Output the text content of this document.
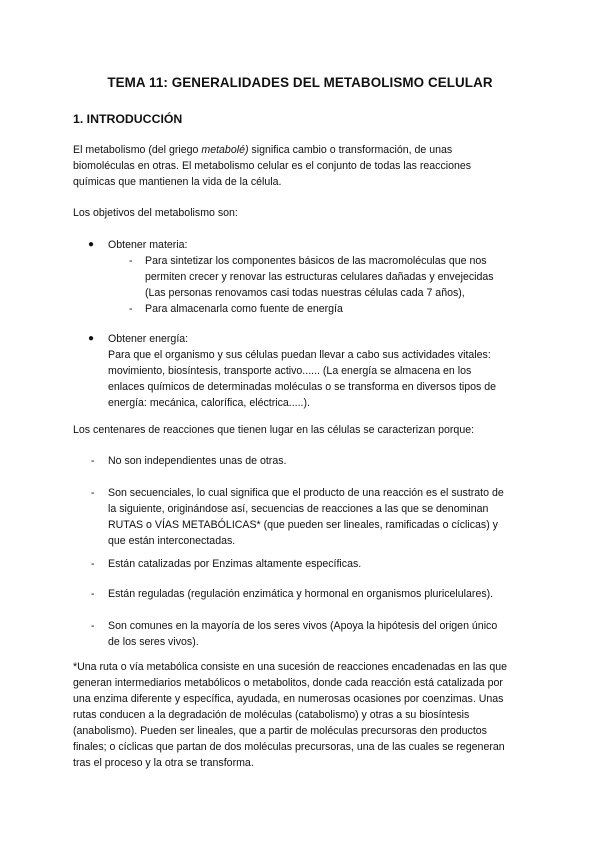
TEMA 11: GENERALIDADES DEL METABOLISMO CELULAR
1. INTRODUCCIÓN
El metabolismo (del griego metabolé) significa cambio o transformación, de unas
biomoléculas en otras. El metabolismo celular es el conjunto de todas las reacciones
químicas que mantienen la vida de la célula.
Los objetivos del metabolismo son:
● Obtener materia:
- Para sintetizar los componentes básicos de las macromoléculas que nos
permiten crecer y renovar las estructuras celulares dañadas y envejecidas
(Las personas renovamos casi todas nuestras células cada 7 años),
- Para almacenarla como fuente de energía
● Obtener energía:
Para que el organismo y sus células puedan llevar a cabo sus actividades vitales:
movimiento, biosíntesis, transporte activo...... (La energía se almacena en los
enlaces químicos de determinadas moléculas o se transforma en diversos tipos de
energía: mecánica, calorífica, eléctrica.....).
Los centenares de reacciones que tienen lugar en las células se caracterizan porque:
- No son independientes unas de otras.
- Son secuenciales, lo cual significa que el producto de una reacción es el sustrato de
la siguiente, originándose así, secuencias de reacciones a las que se denominan
RUTAS o VÍAS METABÓLICAS* (que pueden ser lineales, ramificadas o cíclicas) y
que están interconectadas.
- Están catalizadas por Enzimas altamente específicas.
- Están reguladas (regulación enzimática y hormonal en organismos pluricelulares).
- Son comunes en la mayoría de los seres vivos (Apoya la hipótesis del origen único
de los seres vivos).
*Una ruta o vía metabólica consiste en una sucesión de reacciones encadenadas en las que
generan intermediarios metabólicos o metabolitos, donde cada reacción está catalizada por
una enzima diferente y específica, ayudada, en numerosas ocasiones por coenzimas. Unas
rutas conducen a la degradación de moléculas (catabolismo) y otras a su biosíntesis
(anabolismo). Pueden ser lineales, que a partir de moléculas precursoras den productos
finales; o cíclicas que partan de dos moléculas precursoras, una de las cuales se regeneran
tras el proceso y la otra se transforma.
